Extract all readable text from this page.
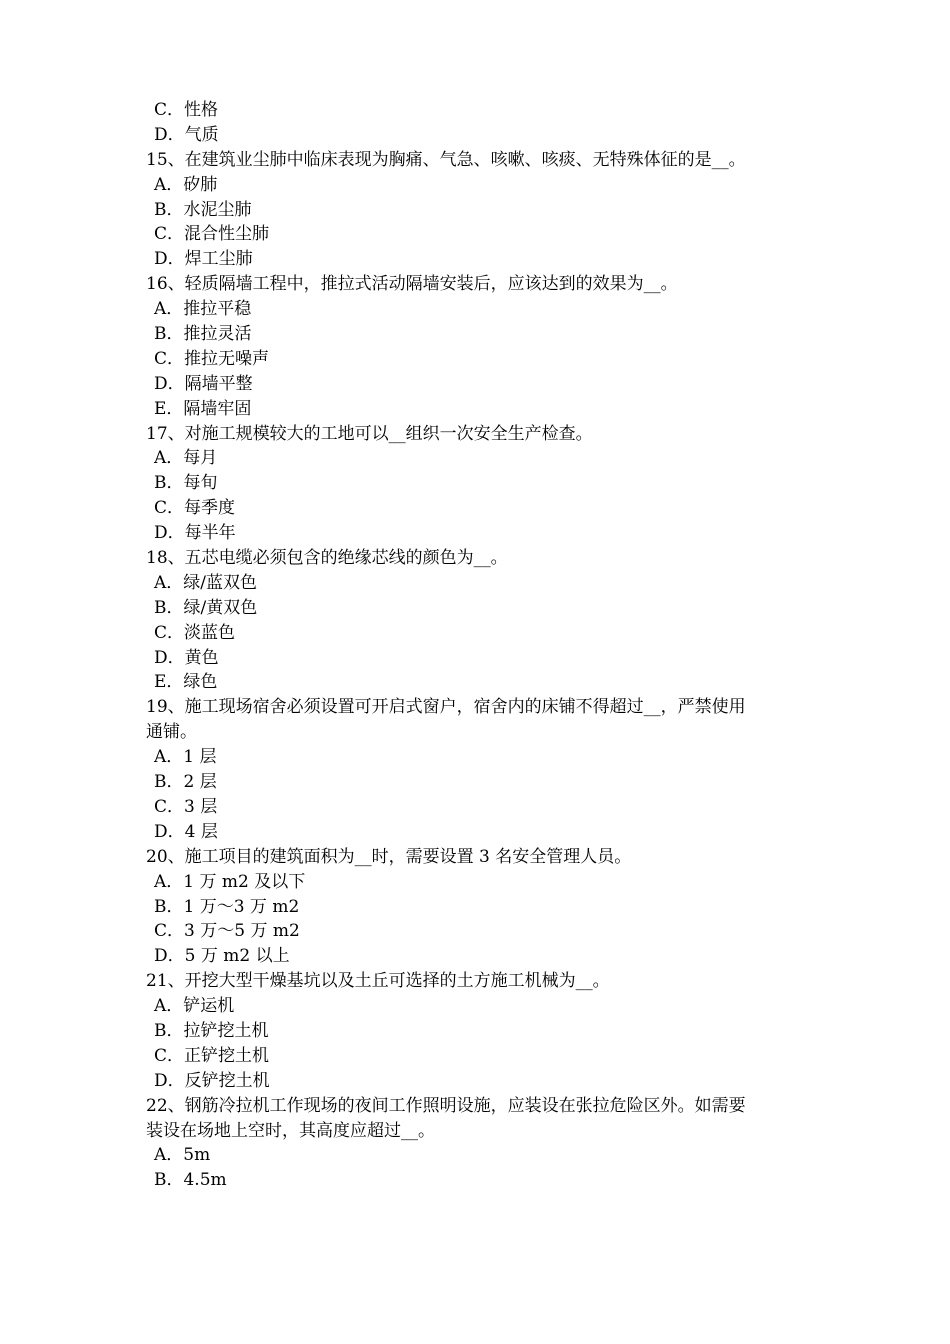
C．性格
D．气质
15、在建筑业尘肺中临床表现为胸痛、气急、咳嗽、咳痰、无特殊体征的是__。
A．矽肺
B．水泥尘肺
C．混合性尘肺
D．焊工尘肺
16、轻质隔墙工程中，推拉式活动隔墙安装后，应该达到的效果为__。
A．推拉平稳
B．推拉灵活
C．推拉无噪声
D．隔墙平整
E．隔墙牢固
17、对施工规模较大的工地可以__组织一次安全生产检查。
A．每月
B．每旬
C．每季度
D．每半年
18、五芯电缆必须包含的绝缘芯线的颜色为__。
A．绿/蓝双色
B．绿/黄双色
C．淡蓝色
D．黄色
E．绿色
19、施工现场宿舍必须设置可开启式窗户，宿舍内的床铺不得超过__，严禁使用
通铺。
A．1 层
B．2 层
C．3 层
D．4 层
20、施工项目的建筑面积为__时，需要设置 3 名安全管理人员。
A．1 万 m2 及以下
B．1 万～3 万 m2
C．3 万～5 万 m2
D．5 万 m2 以上
21、开挖大型干燥基坑以及土丘可选择的土方施工机械为__。
A．铲运机
B．拉铲挖土机
C．正铲挖土机
D．反铲挖土机
22、钢筋冷拉机工作现场的夜间工作照明设施，应装设在张拉危险区外。如需要
装设在场地上空时，其高度应超过__。
A．5m
B．4.5m
